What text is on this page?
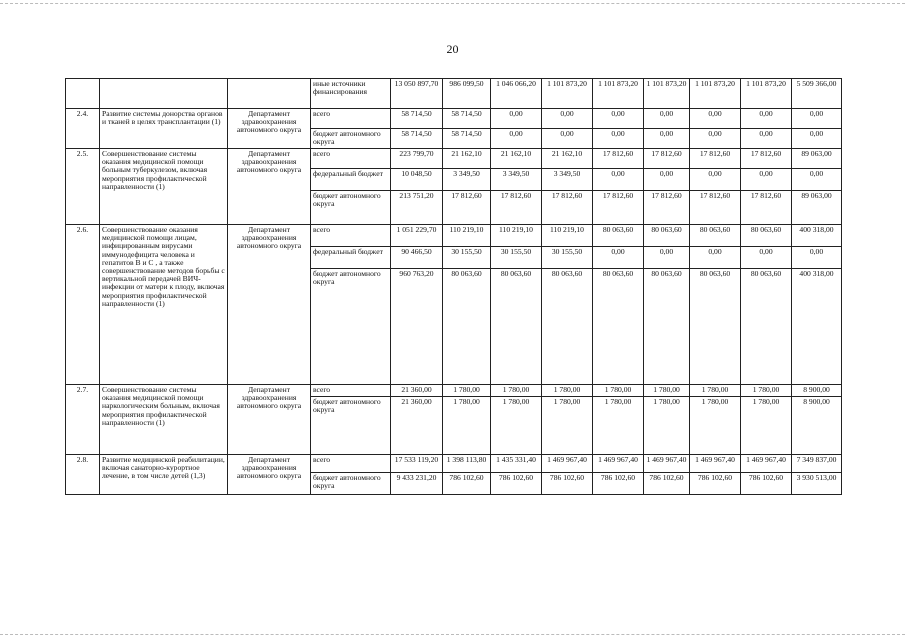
20
			иные источники финансирования	13 050 897,70	986 099,50	1 046 066,20	1 101 873,20	1 101 873,20	1 101 873,20	1 101 873,20	1 101 873,20	5 509 366,00
2.4.	Развитие системы донорства органов и тканей в целях трансплантации (1)	Департамент здравоохранения автономного округа	всего	58 714,50	58 714,50	0,00	0,00	0,00	0,00	0,00	0,00	0,00
			бюджет автономного округа	58 714,50	58 714,50	0,00	0,00	0,00	0,00	0,00	0,00	0,00
2.5.	Совершенствование системы оказания медицинской помощи больным туберкулезом, включая мероприятия профилактической направленности (1)	Департамент здравоохранения автономного округа	всего	223 799,70	21 162,10	21 162,10	21 162,10	17 812,60	17 812,60	17 812,60	17 812,60	89 063,00
			федеральный бюджет	10 048,50	3 349,50	3 349,50	3 349,50	0,00	0,00	0,00	0,00	0,00
			бюджет автономного округа	213 751,20	17 812,60	17 812,60	17 812,60	17 812,60	17 812,60	17 812,60	17 812,60	89 063,00
2.6.	Совершенствование оказания медицинской помощи лицам, инфицированным вирусами иммунодефицита человека и гепатитов В и С , а также совершенствование методов борьбы с вертикальной передачей ВИЧ-инфекции от матери к плоду, включая мероприятия профилактической направленности (1)	Департамент здравоохранения автономного округа	всего	1 051 229,70	110 219,10	110 219,10	110 219,10	80 063,60	80 063,60	80 063,60	80 063,60	400 318,00
			федеральный бюджет	90 466,50	30 155,50	30 155,50	30 155,50	0,00	0,00	0,00	0,00	0,00
			бюджет автономного округа	960 763,20	80 063,60	80 063,60	80 063,60	80 063,60	80 063,60	80 063,60	80 063,60	400 318,00
2.7.	Совершенствование системы оказания медицинской помощи наркологическим больным, включая мероприятия профилактической направленности (1)	Департамент здравоохранения автономного округа	всего	21 360,00	1 780,00	1 780,00	1 780,00	1 780,00	1 780,00	1 780,00	1 780,00	8 900,00
			бюджет автономного округа	21 360,00	1 780,00	1 780,00	1 780,00	1 780,00	1 780,00	1 780,00	1 780,00	8 900,00
2.8.	Развитие медицинской реабилитации, включая санаторно-курортное лечение, в том числе детей (1,3)	Департамент здравоохранения автономного округа	всего	17 533 119,20	1 398 113,80	1 435 331,40	1 469 967,40	1 469 967,40	1 469 967,40	1 469 967,40	1 469 967,40	7 349 837,00
			бюджет автономного округа	9 433 231,20	786 102,60	786 102,60	786 102,60	786 102,60	786 102,60	786 102,60	786 102,60	3 930 513,00
